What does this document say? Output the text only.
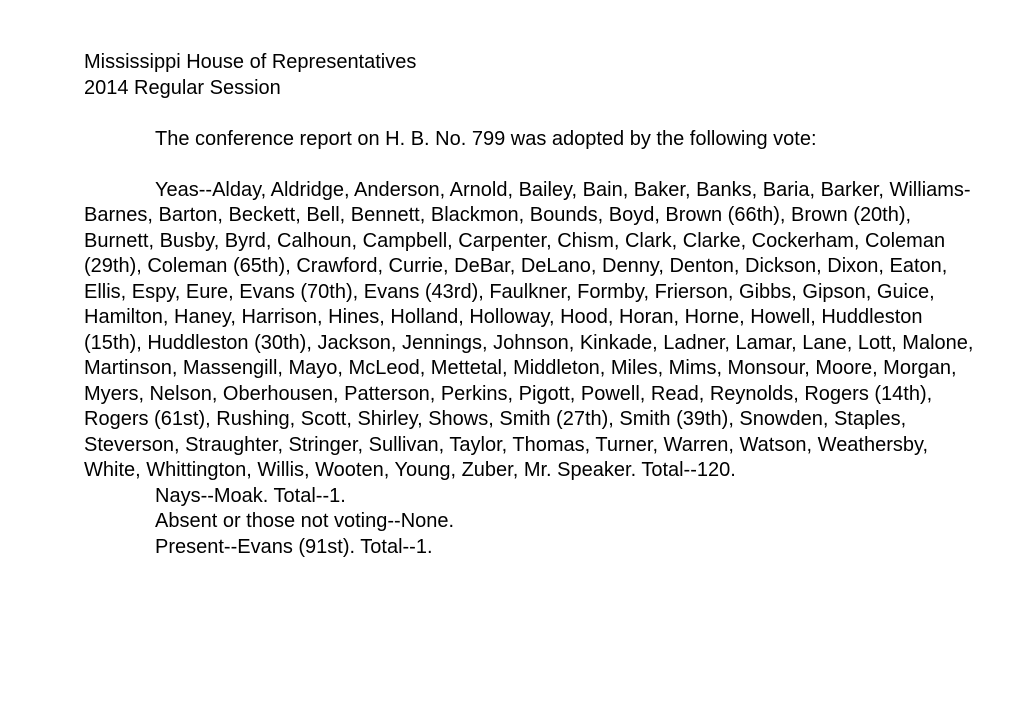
Mississippi House of Representatives

2014 Regular Session

The conference report on H. B. No. 799 was adopted by the following vote:

Yeas--Alday, Aldridge, Anderson, Arnold, Bailey, Bain, Baker, Banks, Baria, Barker, Williams-Barnes, Barton, Beckett, Bell, Bennett, Blackmon, Bounds, Boyd, Brown (66th), Brown (20th), Burnett, Busby, Byrd, Calhoun, Campbell, Carpenter, Chism, Clark, Clarke, Cockerham, Coleman (29th), Coleman (65th), Crawford, Currie, DeBar, DeLano, Denny, Denton, Dickson, Dixon, Eaton, Ellis, Espy, Eure, Evans (70th), Evans (43rd), Faulkner, Formby, Frierson, Gibbs, Gipson, Guice, Hamilton, Haney, Harrison, Hines, Holland, Holloway, Hood, Horan, Horne, Howell, Huddleston (15th), Huddleston (30th), Jackson, Jennings, Johnson, Kinkade, Ladner, Lamar, Lane, Lott, Malone, Martinson, Massengill, Mayo, McLeod, Mettetal, Middleton, Miles, Mims, Monsour, Moore, Morgan, Myers, Nelson, Oberhousen, Patterson, Perkins, Pigott, Powell, Read, Reynolds, Rogers (14th), Rogers (61st), Rushing, Scott, Shirley, Shows, Smith (27th), Smith (39th), Snowden, Staples, Steverson, Straughter, Stringer, Sullivan, Taylor, Thomas, Turner, Warren, Watson, Weathersby, White, Whittington, Willis, Wooten, Young, Zuber, Mr. Speaker. Total--120.

Nays--Moak. Total--1.

Absent or those not voting--None.

Present--Evans (91st). Total--1.
